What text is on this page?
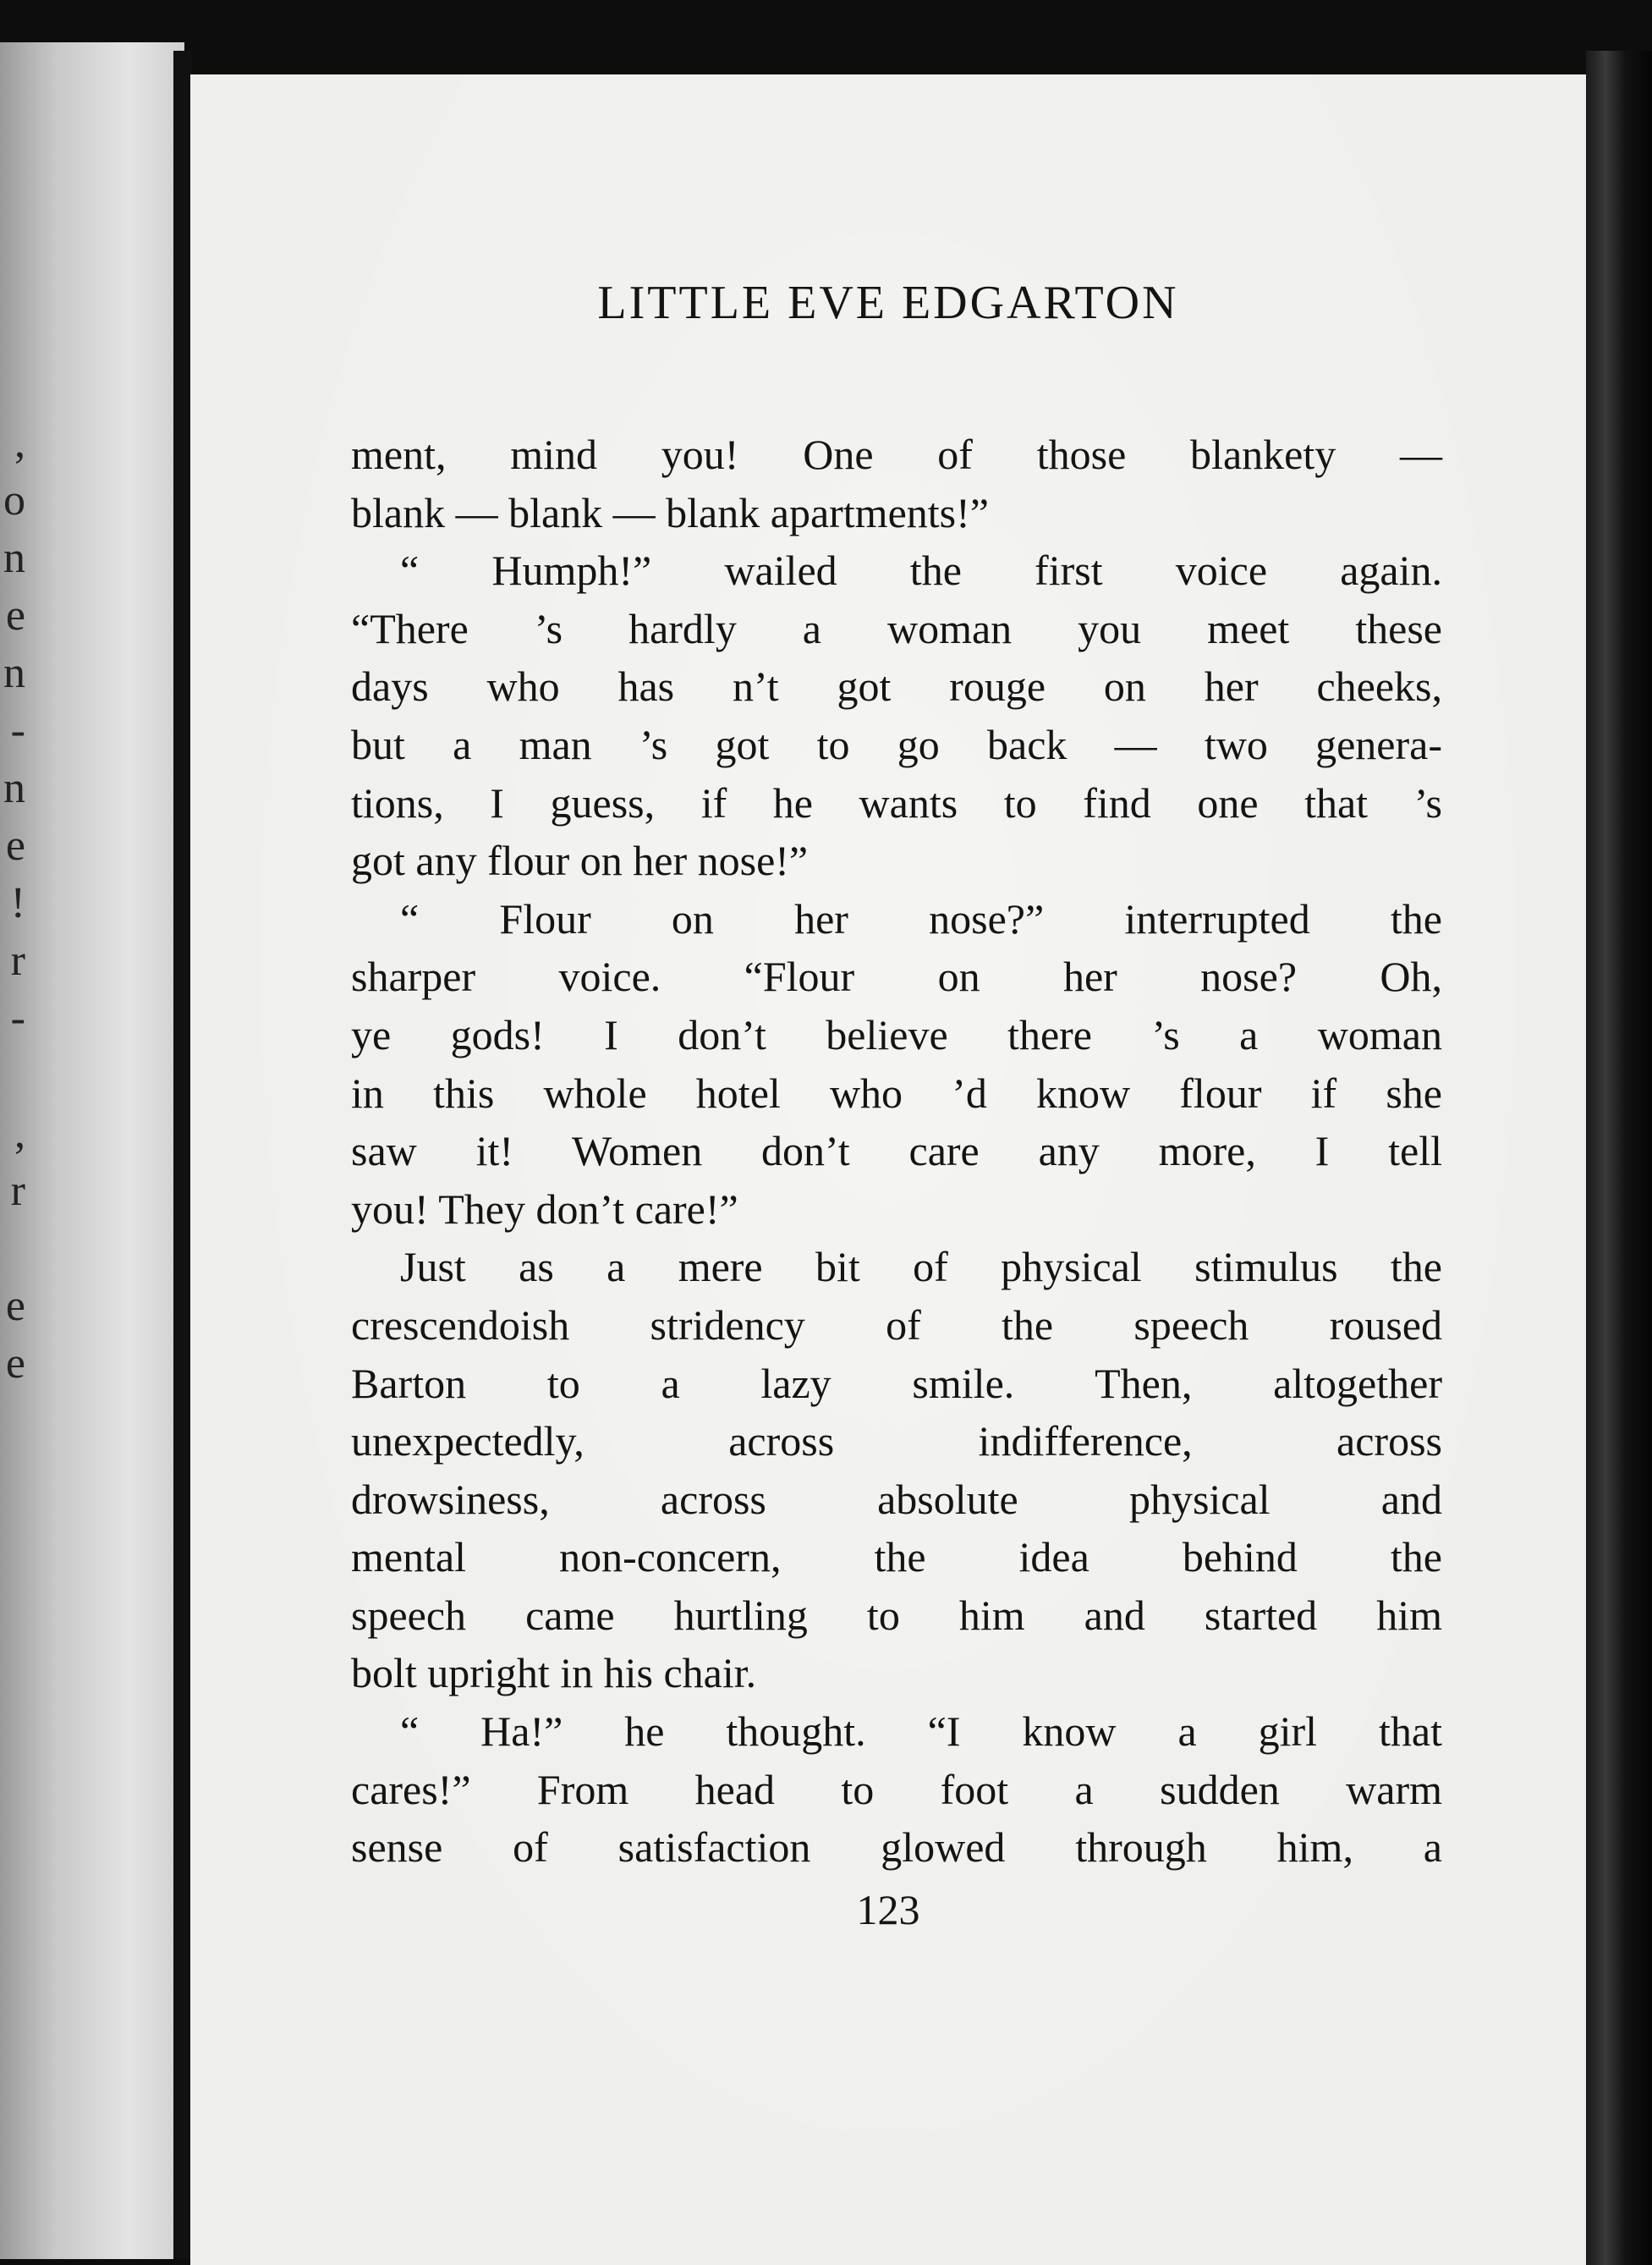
,
o
n
e
n
-
n
e
!
r
-
,
r
e
e
LITTLE EVE EDGARTON
ment, mind you! One of those blankety —
blank — blank — blank apartments!”
“ Humph!” wailed the first voice again.
“There ’s hardly a woman you meet these
days who has n’t got rouge on her cheeks,
but a man ’s got to go back — two genera-
tions, I guess, if he wants to find one that ’s
got any flour on her nose!”
“ Flour on her nose?” interrupted the
sharper voice. “Flour on her nose? Oh,
ye gods! I don’t believe there ’s a woman
in this whole hotel who ’d know flour if she
saw it! Women don’t care any more, I tell
you! They don’t care!”
Just as a mere bit of physical stimulus the
crescendoish stridency of the speech roused
Barton to a lazy smile. Then, altogether
unexpectedly, across indifference, across
drowsiness, across absolute physical and
mental non-concern, the idea behind the
speech came hurtling to him and started him
bolt upright in his chair.
“ Ha!” he thought. “I know a girl that
cares!” From head to foot a sudden warm
sense of satisfaction glowed through him, a
123
